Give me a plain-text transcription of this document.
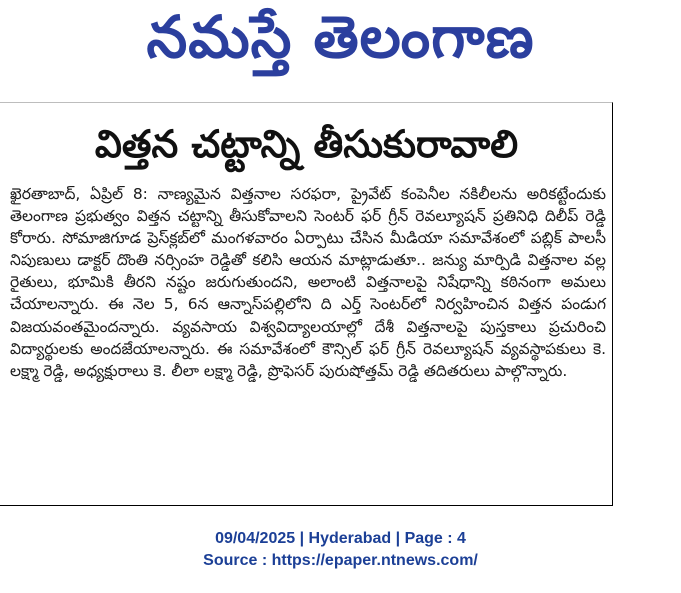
నమస్తే తెలంగాణ
విత్తన చట్టాన్ని తీసుకురావాలి

ఖైరతాబాద్, ఏప్రిల్ 8: నాణ్యమైన విత్తనాల సరఫరా, ప్రైవేట్ కంపెనీల నకిలీలను అరికట్టేందుకు తెలంగాణ ప్రభుత్వం విత్తన చట్టాన్ని తీసుకోవాలని సెంటర్ ఫర్ గ్రీన్ రెవల్యూషన్ ప్రతినిధి దిలీప్ రెడ్డి కోరారు. సోమాజిగూడ ప్రెస్‌క్లబ్‌లో మంగళవారం ఏర్పాటు చేసిన మీడియా సమావేశంలో పబ్లిక్ పాలసీ నిపుణులు డాక్టర్ దొంతి నర్సింహ రెడ్డితో కలిసి ఆయన మాట్లాడుతూ.. జన్యు మార్పిడి విత్తనాల వల్ల రైతులు, భూమికి తీరని నష్టం జరుగుతుందని, అలాంటి విత్తనాలపై నిషేధాన్ని కఠినంగా అమలు చేయాలన్నారు. ఈ నెల 5, 6న ఆన్నాస్‌పల్లిలోని ది ఎర్త్ సెంటర్‌లో నిర్వహించిన విత్తన పండుగ విజయవంతమైందన్నారు. వ్యవసాయ విశ్వవిద్యాలయాల్లో దేశీ విత్తనాలపై పుస్తకాలు ప్రచురించి విద్యార్థులకు అందజేయాలన్నారు. ఈ సమావేశంలో కౌన్సిల్ ఫర్ గ్రీన్ రెవల్యూషన్ వ్యవస్థాపకులు కె. లక్ష్మా రెడ్డి, అధ్యక్షురాలు కె. లీలా లక్ష్మా రెడ్డి, ప్రొఫెసర్ పురుషోత్తమ్ రెడ్డి తదితరులు పాల్గొన్నారు.

09/04/2025 | Hyderabad | Page : 4
Source : https://epaper.ntnews.com/
